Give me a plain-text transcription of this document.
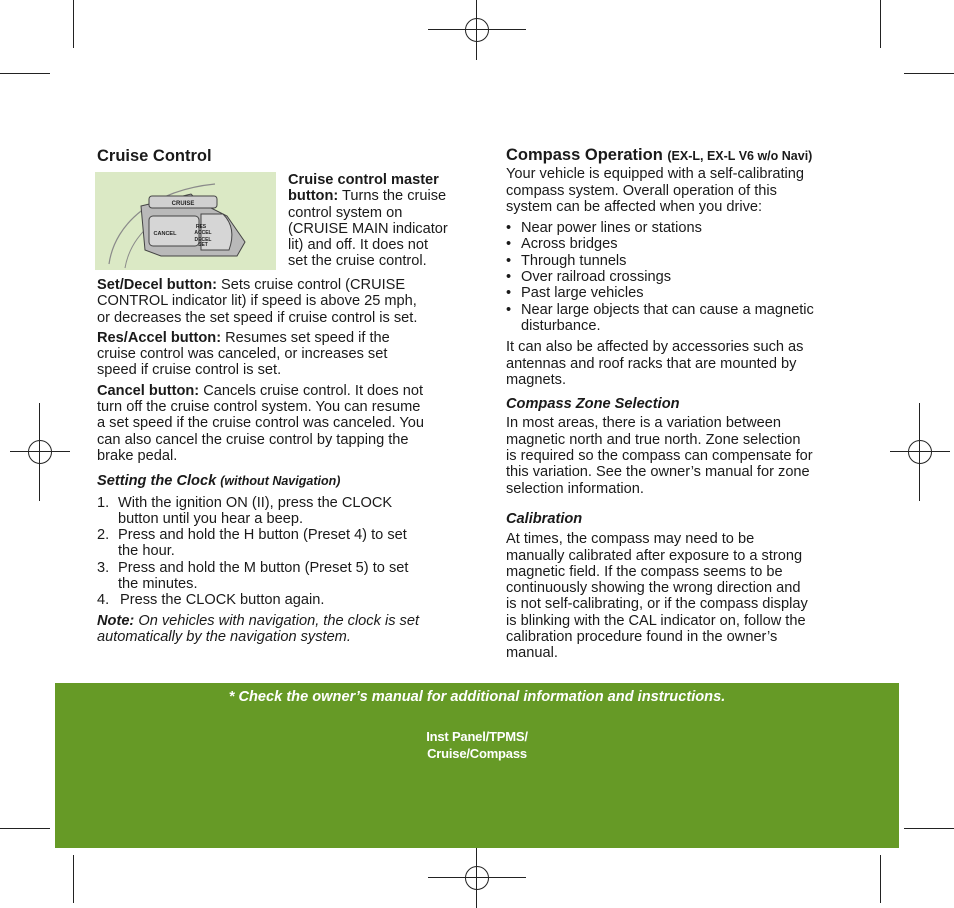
Cruise Control

CRUISE
CANCEL
RES
ACCEL
DECEL
SET

Cruise control master

button: Turns the cruise

control system on

(CRUISE MAIN indicator

lit) and off. It does not

set the cruise control.

Set/Decel button: Sets cruise control (CRUISE

CONTROL indicator lit) if speed is above 25 mph,

or decreases the set speed if cruise control is set.

Res/Accel button: Resumes set speed if the

cruise control was canceled, or increases set

speed if cruise control is set.

Cancel button: Cancels cruise control. It does not

turn off the cruise control system. You can resume

a set speed if the cruise control was canceled. You

can also cancel the cruise control by tapping the

brake pedal.

Setting the Clock (without Navigation)

1. With the ignition ON (II), press the CLOCK

button until you hear a beep.

2. Press and hold the H button (Preset 4) to set

the hour.

3. Press and hold the M button (Preset 5) to set

the minutes.

4. Press the CLOCK button again.

Note: On vehicles with navigation, the clock is set

automatically by the navigation system.

Compass Operation (EX-L, EX-L V6 w/o Navi)

Your vehicle is equipped with a self-calibrating

compass system. Overall operation of this

system can be affected when you drive:

• Near power lines or stations
• Across bridges
• Through tunnels
• Over railroad crossings
• Past large vehicles

• Near large objects that can cause a magnetic

disturbance.

It can also be affected by accessories such as

antennas and roof racks that are mounted by

magnets.

Compass Zone Selection

In most areas, there is a variation between

magnetic north and true north. Zone selection

is required so the compass can compensate for

this variation. See the owner’s manual for zone

selection information.

Calibration

At times, the compass may need to be

manually calibrated after exposure to a strong

magnetic field. If the compass seems to be

continuously showing the wrong direction and

is not self-calibrating, or if the compass display

is blinking with the CAL indicator on, follow the

calibration procedure found in the owner’s

manual.

* Check the owner’s manual for additional information and instructions.
Inst Panel/TPMS/
Cruise/Compass
